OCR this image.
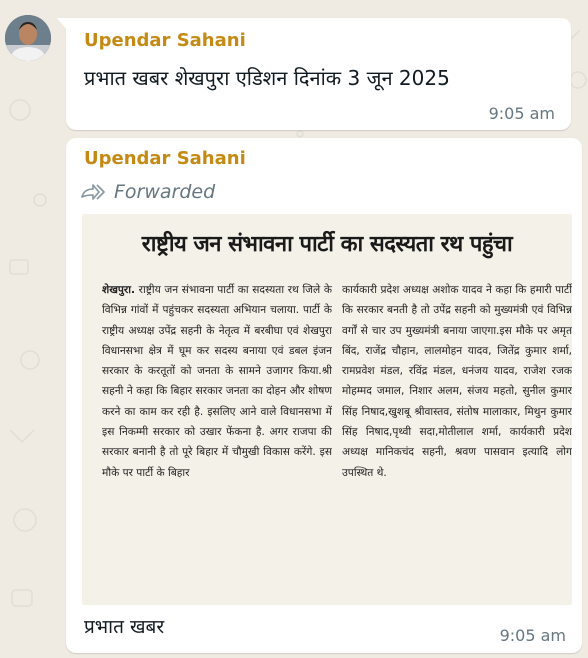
Upendar Sahani
प्रभात खबर शेखपुरा एडिशन दिनांक 3 जून 2025
9:05 am
Upendar Sahani
Forwarded
राष्ट्रीय जन संभावना पार्टी का सदस्यता रथ पहुंचा
शेखपुरा. राष्ट्रीय जन संभावना पार्टी का सदस्यता रथ जिले के विभिन्न गांवों में पहुंचकर सदस्यता अभियान चलाया. पार्टी के राष्ट्रीय अध्यक्ष उपेंद्र सहनी के नेतृत्व में बरबीघा एवं शेखपुरा विधानसभा क्षेत्र में घूम कर सदस्य बनाया एवं डबल इंजन सरकार के करतूतों को जनता के सामने उजागर किया.श्री सहनी ने कहा कि बिहार सरकार जनता का दोहन और शोषण करने का काम कर रही है. इसलिए आने वाले विधानसभा में इस निकम्मी सरकार को उखार फेंकना है. अगर राजपा की सरकार बनानी है तो पूरे बिहार में चौमुखी विकास करेंगे. इस मौके पर पार्टी के बिहार
कार्यकारी प्रदेश अध्यक्ष अशोक यादव ने कहा कि हमारी पार्टी कि सरकार बनती है तो उपेंद्र सहनी को मुख्यमंत्री एवं विभिन्न वर्गों से चार उप मुख्यमंत्री बनाया जाएगा.इस मौके पर अमृत बिंद, राजेंद्र चौहान, लालमोहन यादव, जितेंद्र कुमार शर्मा, रामप्रवेश मंडल, रविंद्र मंडल, धनंजय यादव, राजेश रजक मोहम्मद जमाल, निशार अलम, संजय महतो, सुनील कुमार सिंह निषाद,खुशबू श्रीवास्तव, संतोष मालाकार, मिथुन कुमार सिंह निषाद,पृथ्वी सदा,मोतीलाल शर्मा, कार्यकारी प्रदेश अध्यक्ष मानिकचंद सहनी, श्रवण पासवान इत्यादि लोग उपस्थित थे.
प्रभात खबर	9:05 am
